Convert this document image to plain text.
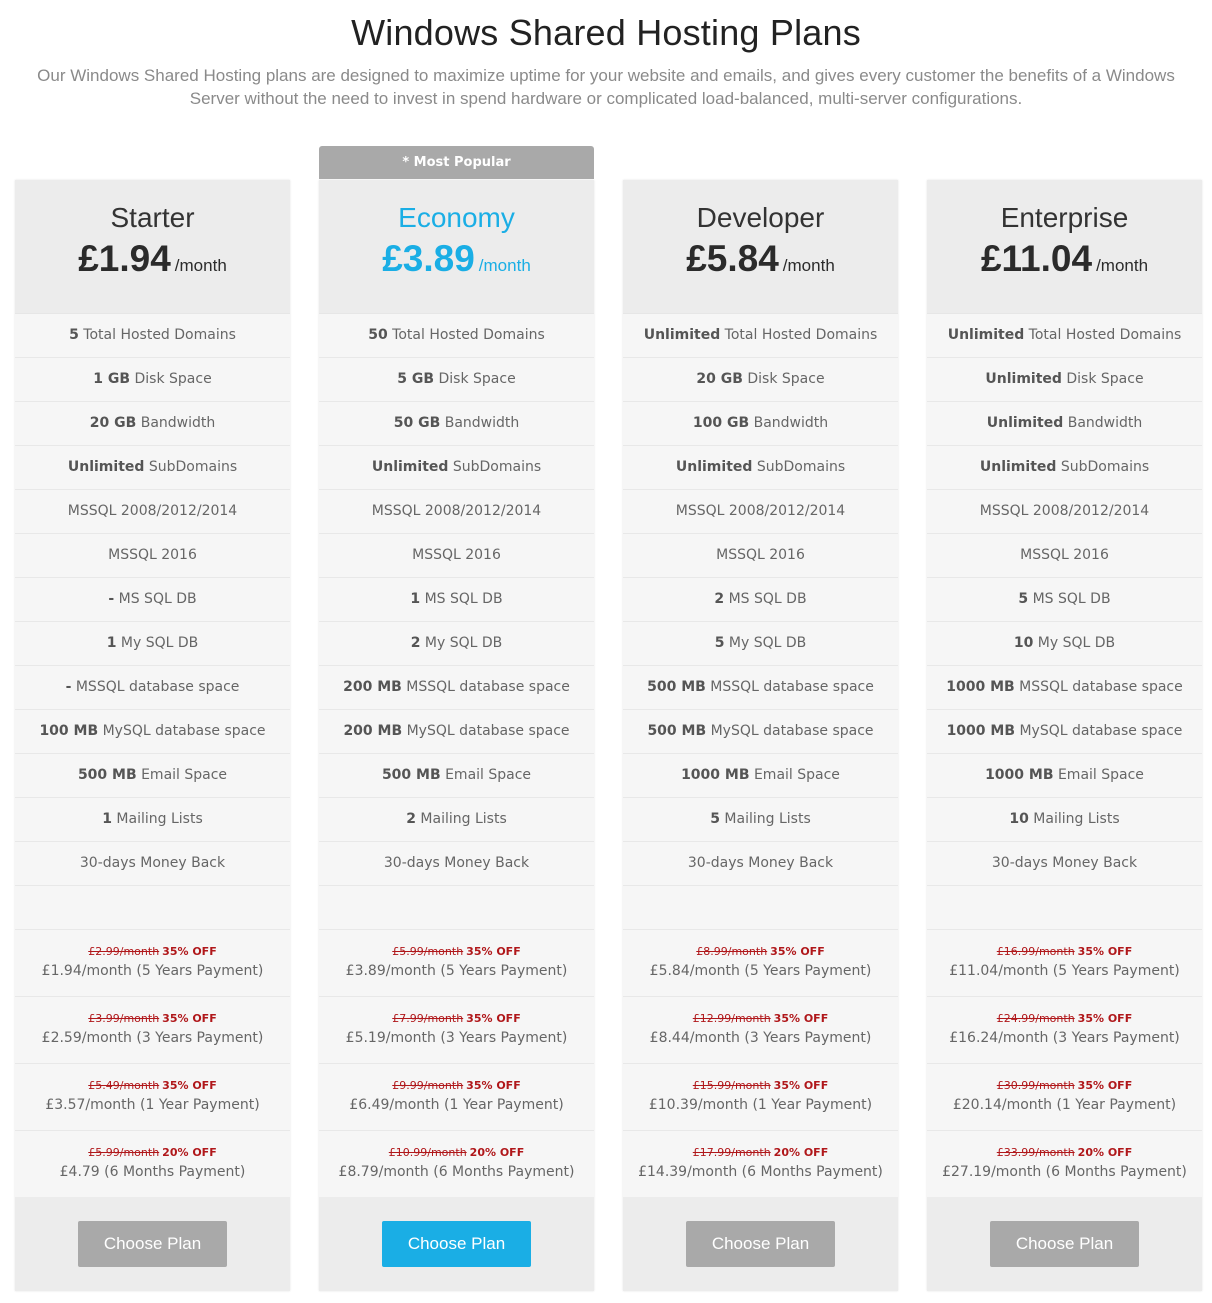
Windows Shared Hosting Plans

Our Windows Shared Hosting plans are designed to maximize uptime for your website and emails, and gives every customer the benefits of a Windows Server without the need to invest in spend hardware or complicated load-balanced, multi-server configurations.

Starter
£1.94 /month
5 Total Hosted Domains
1 GB Disk Space
20 GB Bandwidth
Unlimited SubDomains
MSSQL 2008/2012/2014
MSSQL 2016
- MS SQL DB
1 My SQL DB
- MSSQL database space
100 MB MySQL database space
500 MB Email Space
1 Mailing Lists
30-days Money Back
£2.99/month 35% OFF
£1.94/month (5 Years Payment)
£3.99/month 35% OFF
£2.59/month (3 Years Payment)
£5.49/month 35% OFF
£3.57/month (1 Year Payment)
£5.99/month 20% OFF
£4.79 (6 Months Payment)
Choose Plan
* Most Popular
Economy
£3.89 /month
50 Total Hosted Domains
5 GB Disk Space
50 GB Bandwidth
Unlimited SubDomains
MSSQL 2008/2012/2014
MSSQL 2016
1 MS SQL DB
2 My SQL DB
200 MB MSSQL database space
200 MB MySQL database space
500 MB Email Space
2 Mailing Lists
30-days Money Back
£5.99/month 35% OFF
£3.89/month (5 Years Payment)
£7.99/month 35% OFF
£5.19/month (3 Years Payment)
£9.99/month 35% OFF
£6.49/month (1 Year Payment)
£10.99/month 20% OFF
£8.79/month (6 Months Payment)
Choose Plan
Developer
£5.84 /month
Unlimited Total Hosted Domains
20 GB Disk Space
100 GB Bandwidth
Unlimited SubDomains
MSSQL 2008/2012/2014
MSSQL 2016
2 MS SQL DB
5 My SQL DB
500 MB MSSQL database space
500 MB MySQL database space
1000 MB Email Space
5 Mailing Lists
30-days Money Back
£8.99/month 35% OFF
£5.84/month (5 Years Payment)
£12.99/month 35% OFF
£8.44/month (3 Years Payment)
£15.99/month 35% OFF
£10.39/month (1 Year Payment)
£17.99/month 20% OFF
£14.39/month (6 Months Payment)
Choose Plan
Enterprise
£11.04 /month
Unlimited Total Hosted Domains
Unlimited Disk Space
Unlimited Bandwidth
Unlimited SubDomains
MSSQL 2008/2012/2014
MSSQL 2016
5 MS SQL DB
10 My SQL DB
1000 MB MSSQL database space
1000 MB MySQL database space
1000 MB Email Space
10 Mailing Lists
30-days Money Back
£16.99/month 35% OFF
£11.04/month (5 Years Payment)
£24.99/month 35% OFF
£16.24/month (3 Years Payment)
£30.99/month 35% OFF
£20.14/month (1 Year Payment)
£33.99/month 20% OFF
£27.19/month (6 Months Payment)
Choose Plan
